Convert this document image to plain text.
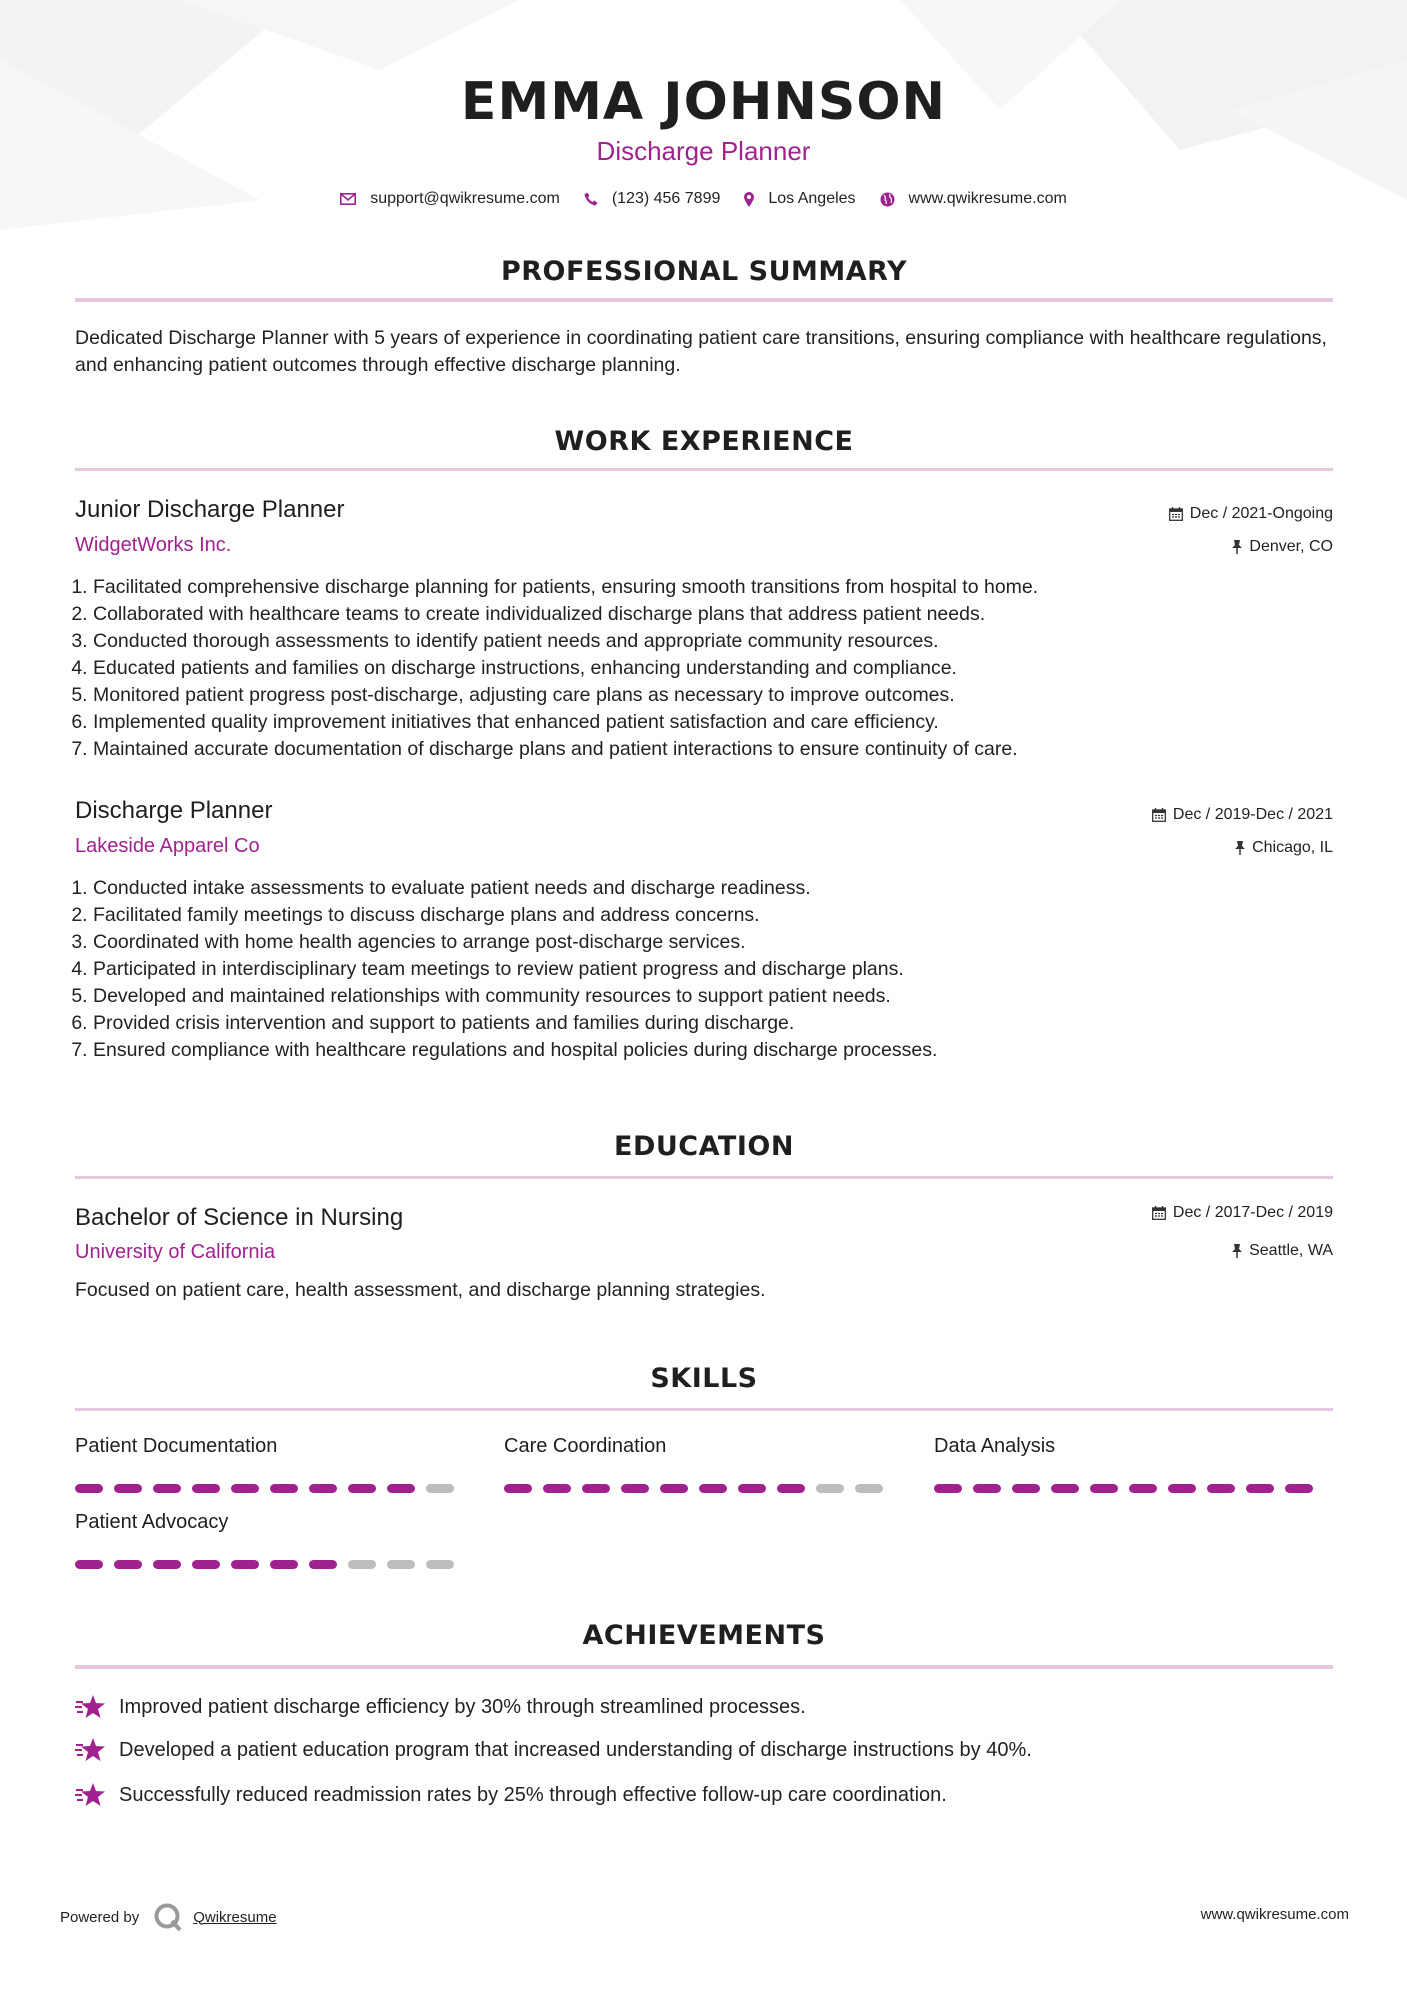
EMMA JOHNSON
Discharge Planner
support@qwikresume.com	(123) 456 7899	Los Angeles	www.qwikresume.com
PROFESSIONAL SUMMARY
Dedicated Discharge Planner with 5 years of experience in coordinating patient care transitions, ensuring compliance with healthcare regulations, and enhancing patient outcomes through effective discharge planning.
WORK EXPERIENCE
Junior Discharge Planner	Dec / 2021-Ongoing
WidgetWorks Inc.	Denver, CO
1. Facilitated comprehensive discharge planning for patients, ensuring smooth transitions from hospital to home.
2. Collaborated with healthcare teams to create individualized discharge plans that address patient needs.
3. Conducted thorough assessments to identify patient needs and appropriate community resources.
4. Educated patients and families on discharge instructions, enhancing understanding and compliance.
5. Monitored patient progress post-discharge, adjusting care plans as necessary to improve outcomes.
6. Implemented quality improvement initiatives that enhanced patient satisfaction and care efficiency.
7. Maintained accurate documentation of discharge plans and patient interactions to ensure continuity of care.
Discharge Planner	Dec / 2019-Dec / 2021
Lakeside Apparel Co	Chicago, IL
1. Conducted intake assessments to evaluate patient needs and discharge readiness.
2. Facilitated family meetings to discuss discharge plans and address concerns.
3. Coordinated with home health agencies to arrange post-discharge services.
4. Participated in interdisciplinary team meetings to review patient progress and discharge plans.
5. Developed and maintained relationships with community resources to support patient needs.
6. Provided crisis intervention and support to patients and families during discharge.
7. Ensured compliance with healthcare regulations and hospital policies during discharge processes.
EDUCATION
Bachelor of Science in Nursing	Dec / 2017-Dec / 2019
University of California	Seattle, WA
Focused on patient care, health assessment, and discharge planning strategies.
SKILLS
Patient Documentation	Care Coordination	Data Analysis
Patient Advocacy
ACHIEVEMENTS
Improved patient discharge efficiency by 30% through streamlined processes.
Developed a patient education program that increased understanding of discharge instructions by 40%.
Successfully reduced readmission rates by 25% through effective follow-up care coordination.
Powered by	Qwikresume	www.qwikresume.com
